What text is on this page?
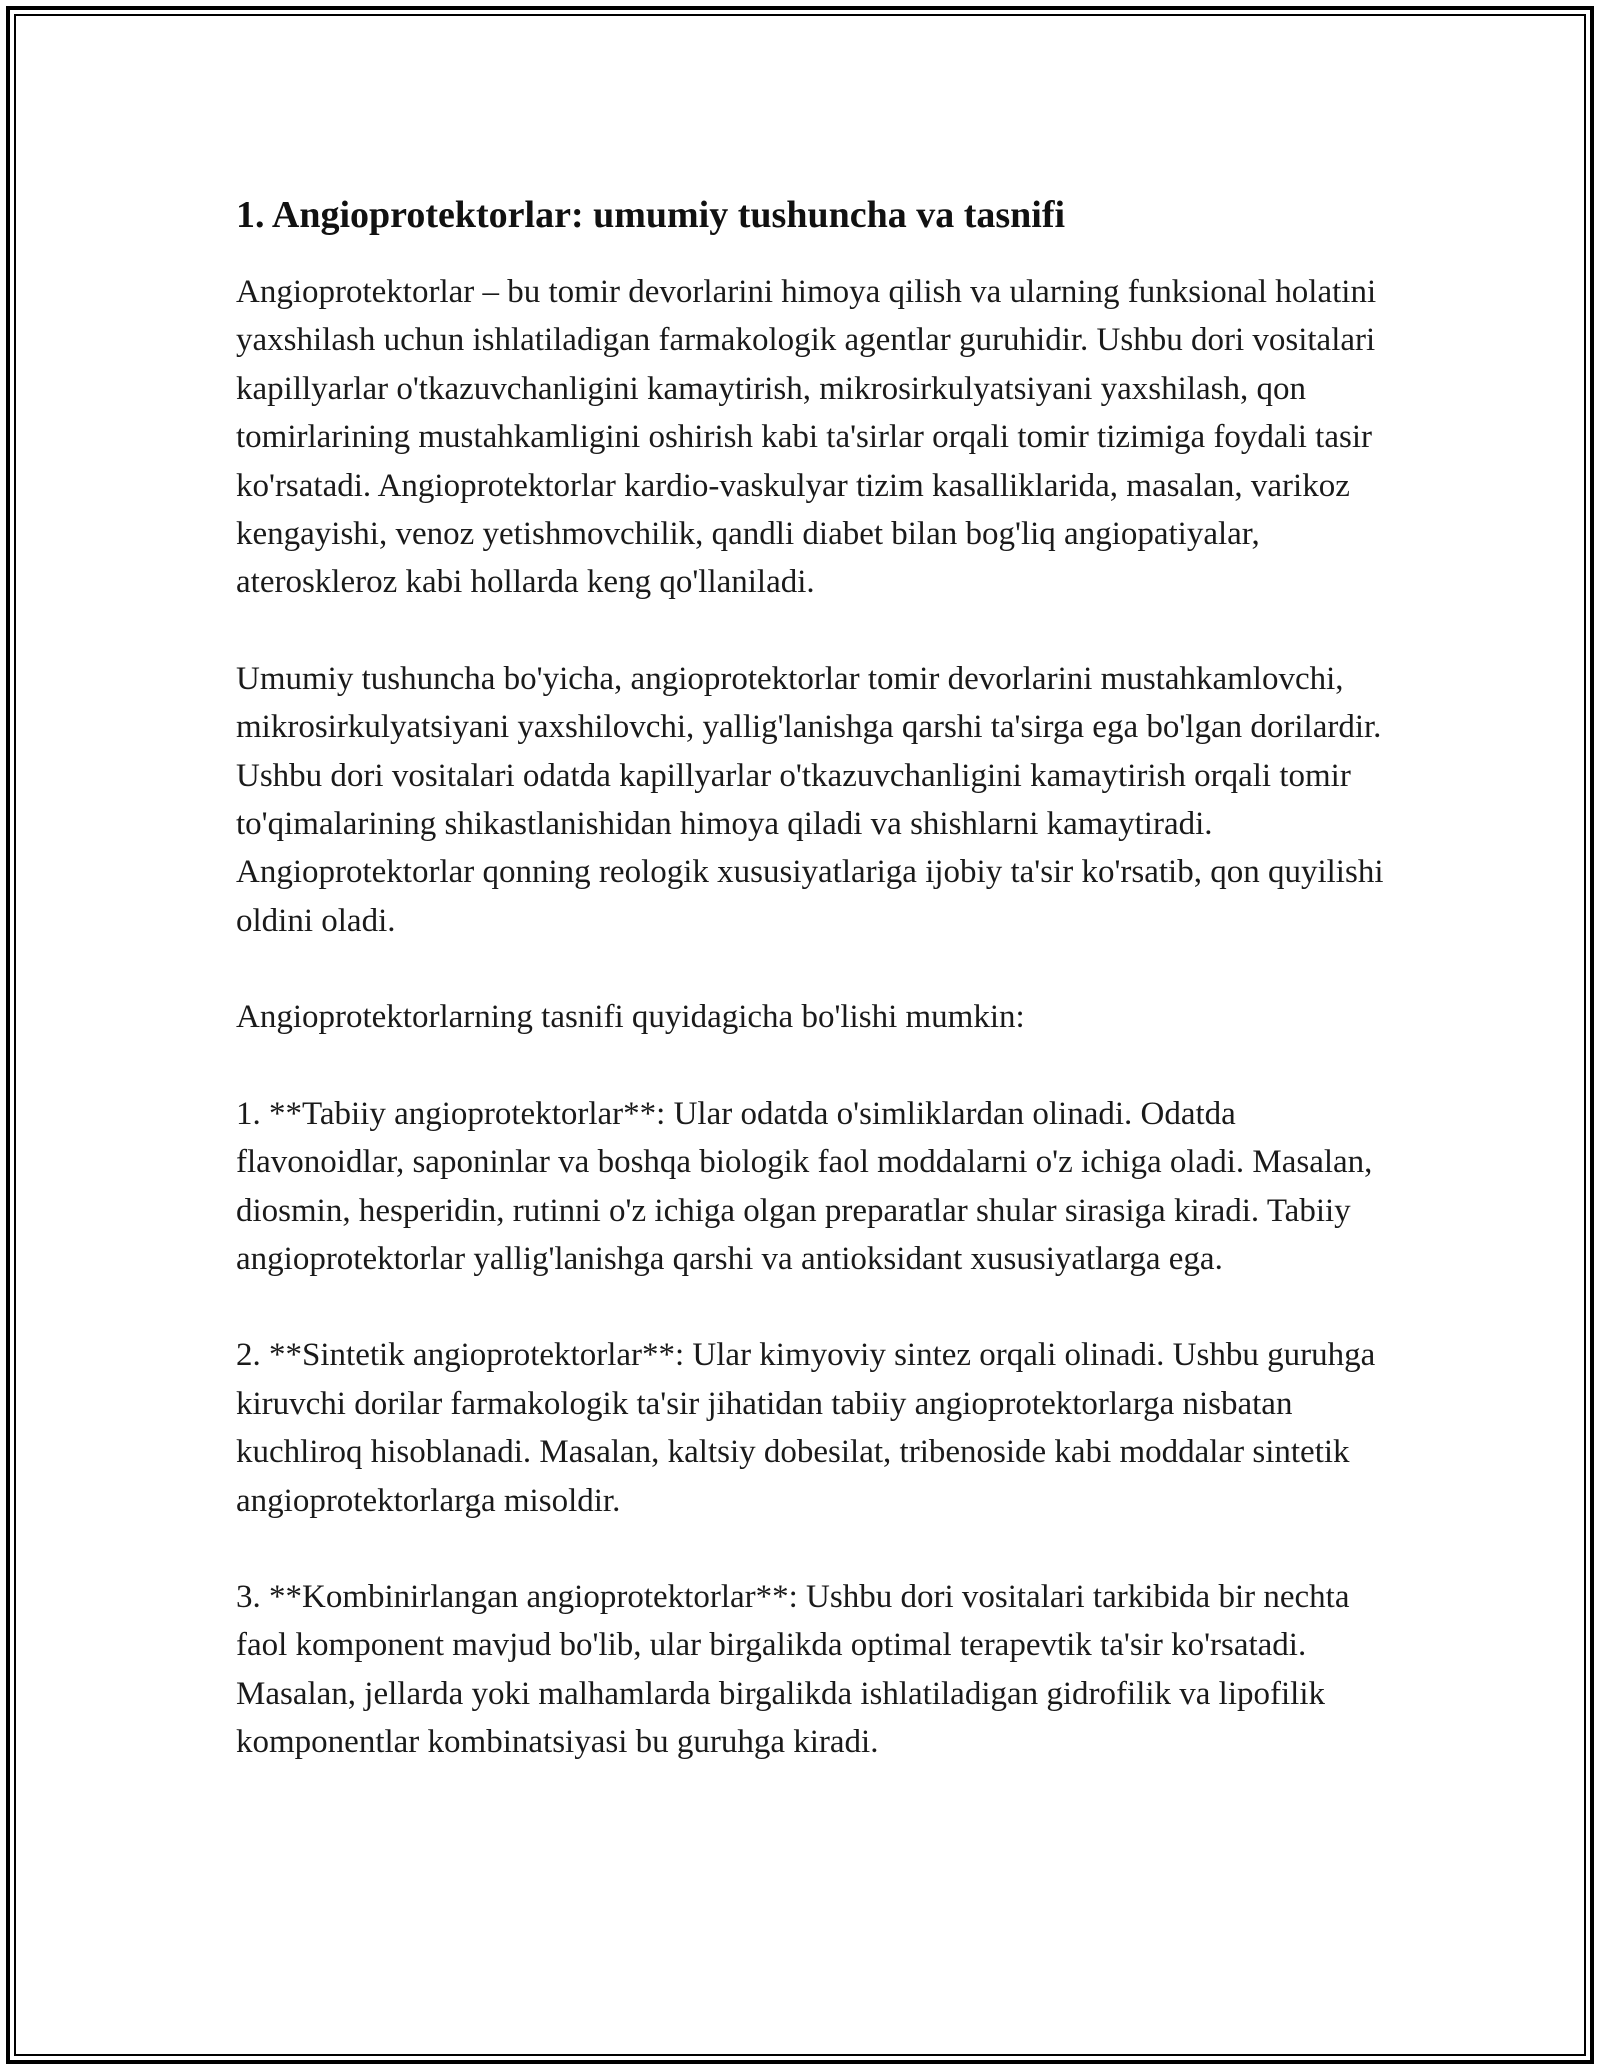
1. Angioprotektorlar: umumiy tushuncha va tasnifi

Angioprotektorlar – bu tomir devorlarini himoya qilish va ularning funksional holatini yaxshilash uchun ishlatiladigan farmakologik agentlar guruhidir. Ushbu dori vositalari kapillyarlar o'tkazuvchanligini kamaytirish, mikrosirkulyatsiyani yaxshilash, qon tomirlarining mustahkamligini oshirish kabi ta'sirlar orqali tomir tizimiga foydali tasir ko'rsatadi. Angioprotektorlar kardio-vaskulyar tizim kasalliklarida, masalan, varikoz kengayishi, venoz yetishmovchilik, qandli diabet bilan bog'liq angiopatiyalar, ateroskleroz kabi hollarda keng qo'llaniladi.

Umumiy tushuncha bo'yicha, angioprotektorlar tomir devorlarini mustahkamlovchi, mikrosirkulyatsiyani yaxshilovchi, yallig'lanishga qarshi ta'sirga ega bo'lgan dorilardir. Ushbu dori vositalari odatda kapillyarlar o'tkazuvchanligini kamaytirish orqali tomir to'qimalarining shikastlanishidan himoya qiladi va shishlarni kamaytiradi. Angioprotektorlar qonning reologik xususiyatlariga ijobiy ta'sir ko'rsatib, qon quyilishi oldini oladi.

Angioprotektorlarning tasnifi quyidagicha bo'lishi mumkin:

1. **Tabiiy angioprotektorlar**: Ular odatda o'simliklardan olinadi. Odatda flavonoidlar, saponinlar va boshqa biologik faol moddalarni o'z ichiga oladi. Masalan, diosmin, hesperidin, rutinni o'z ichiga olgan preparatlar shular sirasiga kiradi. Tabiiy angioprotektorlar yallig'lanishga qarshi va antioksidant xususiyatlarga ega.

2. **Sintetik angioprotektorlar**: Ular kimyoviy sintez orqali olinadi. Ushbu guruhga kiruvchi dorilar farmakologik ta'sir jihatidan tabiiy angioprotektorlarga nisbatan kuchliroq hisoblanadi. Masalan, kaltsiy dobesilat, tribenoside kabi moddalar sintetik angioprotektorlarga misoldir.

3. **Kombinirlangan angioprotektorlar**: Ushbu dori vositalari tarkibida bir nechta faol komponent mavjud bo'lib, ular birgalikda optimal terapevtik ta'sir ko'rsatadi. Masalan, jellarda yoki malhamlarda birgalikda ishlatiladigan gidrofilik va lipofilik komponentlar kombinatsiyasi bu guruhga kiradi.
